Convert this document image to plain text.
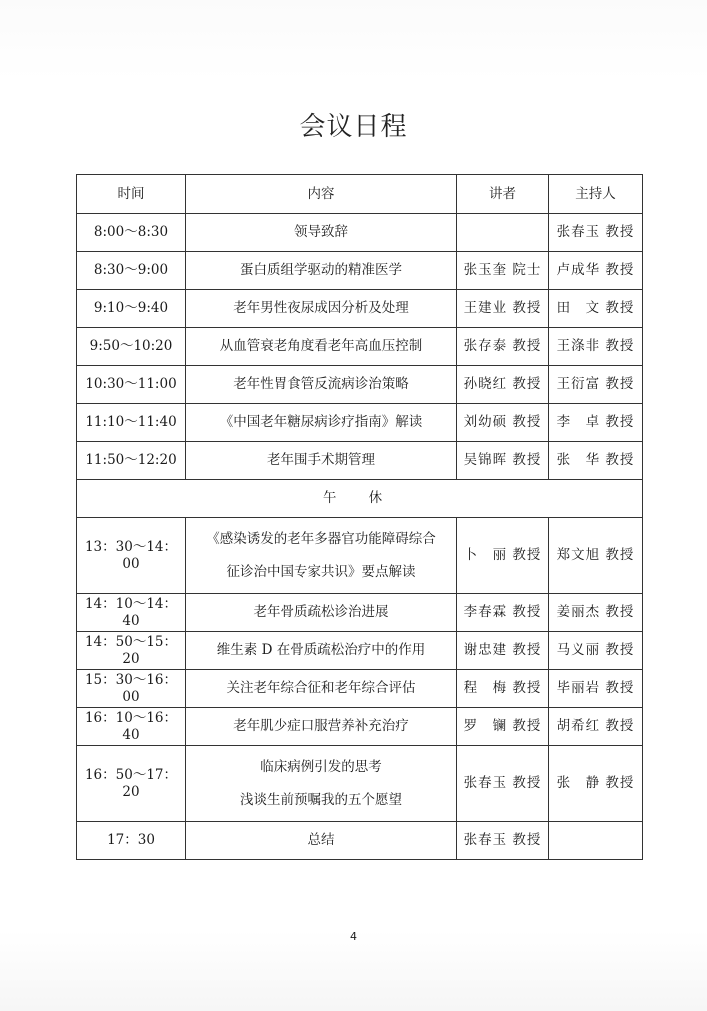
会议日程
时间	内容	讲者	主持人
8:00～8:30	领导致辞		张春玉 教授
8:30～9:00	蛋白质组学驱动的精准医学	张玉奎 院士	卢成华 教授
9:10～9:40	老年男性夜尿成因分析及处理	王建业 教授	田　文 教授
9:50～10:20	从血管衰老角度看老年高血压控制	张存泰 教授	王涤非 教授
10:30～11:00	老年性胃食管反流病诊治策略	孙晓红 教授	王衍富 教授
11:10～11:40	《中国老年糖尿病诊疗指南》解读	刘幼硕 教授	李　卓 教授
11:50～12:20	老年围手术期管理	吴锦晖 教授	张　华 教授
午 休			
13：30～14：00	《感染诱发的老年多器官功能障碍综合
征诊治中国专家共识》要点解读	卜　丽 教授	郑文旭 教授
14：10～14：40	老年骨质疏松诊治进展	李春霖 教授	姜丽杰 教授
14：50～15：20	维生素 D 在骨质疏松治疗中的作用	谢忠建 教授	马义丽 教授
15：30～16：00	关注老年综合征和老年综合评估	程　梅 教授	毕丽岩 教授
16：10～16：40	老年肌少症口服营养补充治疗	罗　镧 教授	胡希红 教授
16：50～17：20	临床病例引发的思考
浅谈生前预嘱我的五个愿望	张春玉 教授	张　静 教授
17：30	总结	张春玉 教授	
4
